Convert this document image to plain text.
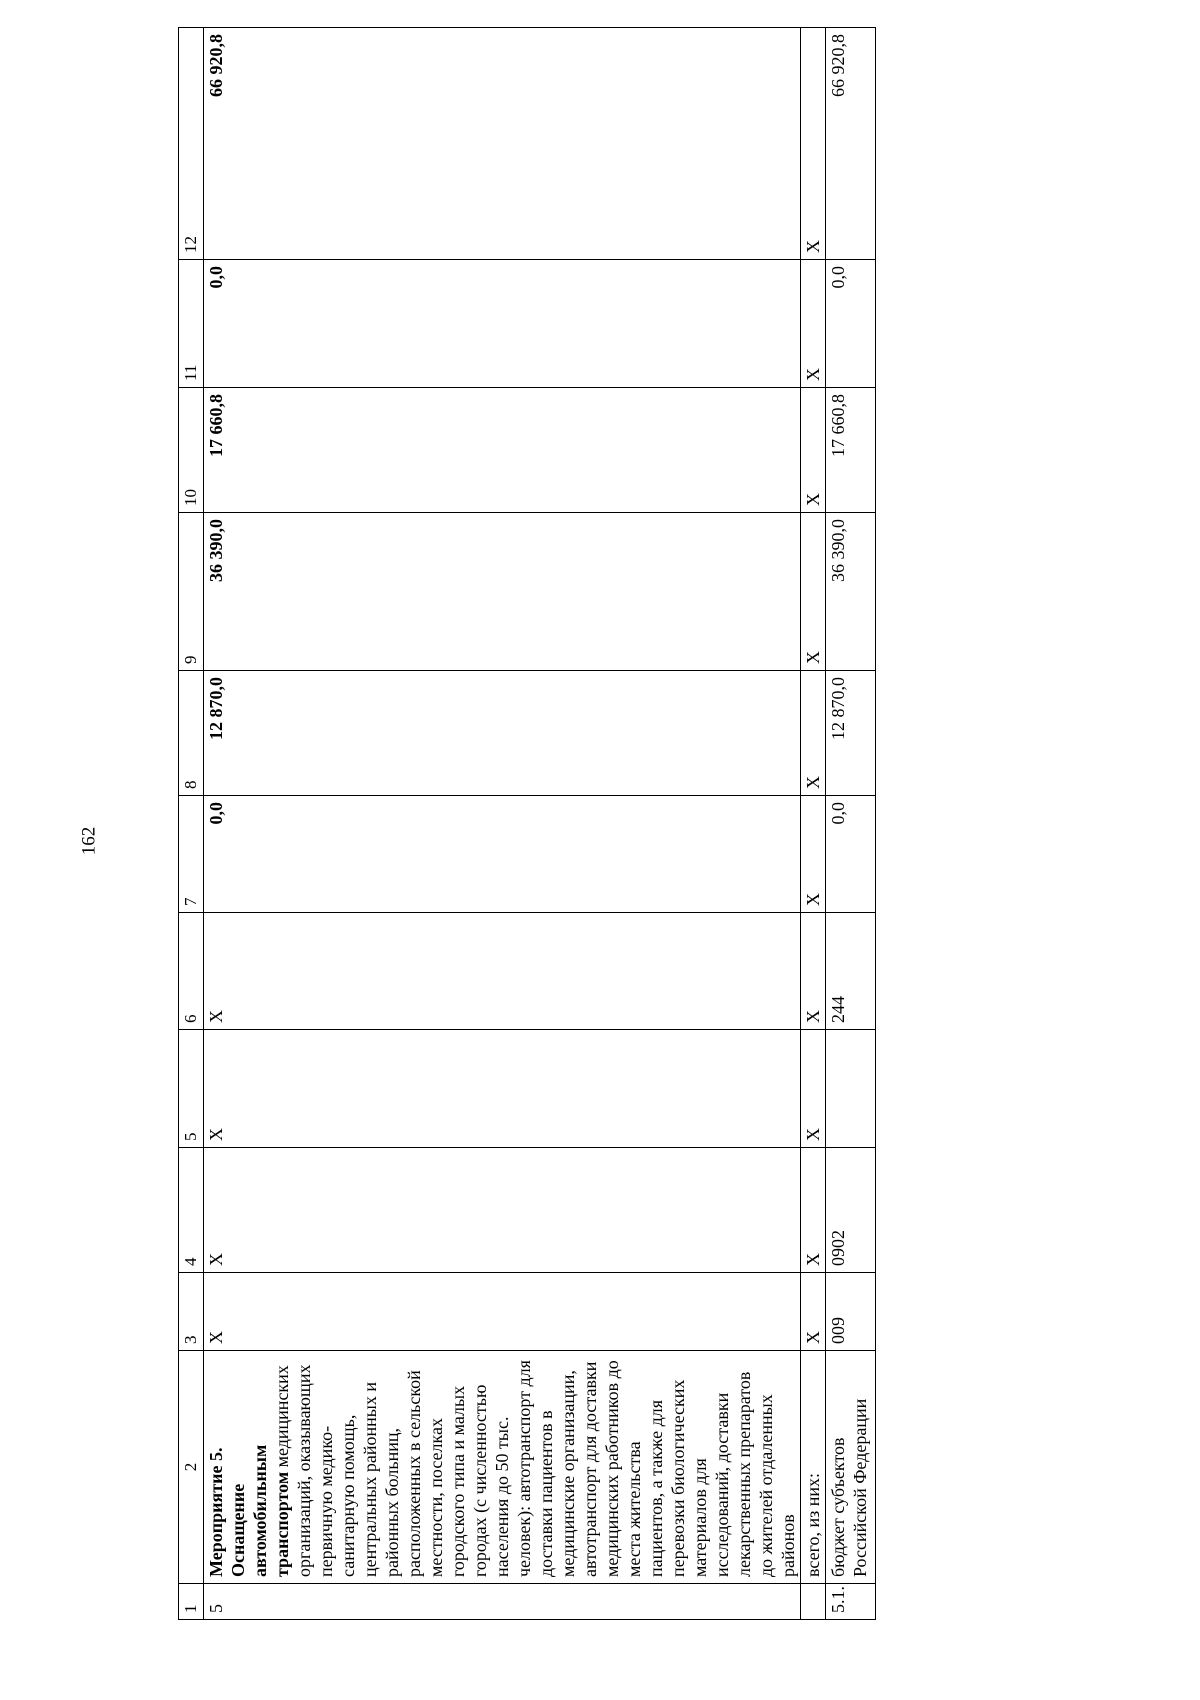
162
1	2	3	4	5	6	7	8	9	10	11	12
5	Мероприятие 5. Оснащение автомобильным транспортом медицинских организаций, оказывающих первичную медико-санитарную помощь, центральных районных и районных больниц, расположенных в сельской местности, поселках городского типа и малых городах (с численностью населения до 50 тыс. человек): автотранспорт для доставки пациентов в медицинские организации, автотранспорт для доставки медицинских работников до места жительства пациентов, а также для перевозки биологических материалов для исследований, доставки лекарственных препаратов до жителей отдаленных районов	X	X	X	X	0,0	12 870,0	36 390,0	17 660,8	0,0	66 920,8
	всего, из них:	X	X	X	X	X	X	X	X	X	X
5.1.	бюджет субъектов Российской Федерации	009	0902		244	0,0	12 870,0	36 390,0	17 660,8	0,0	66 920,8
